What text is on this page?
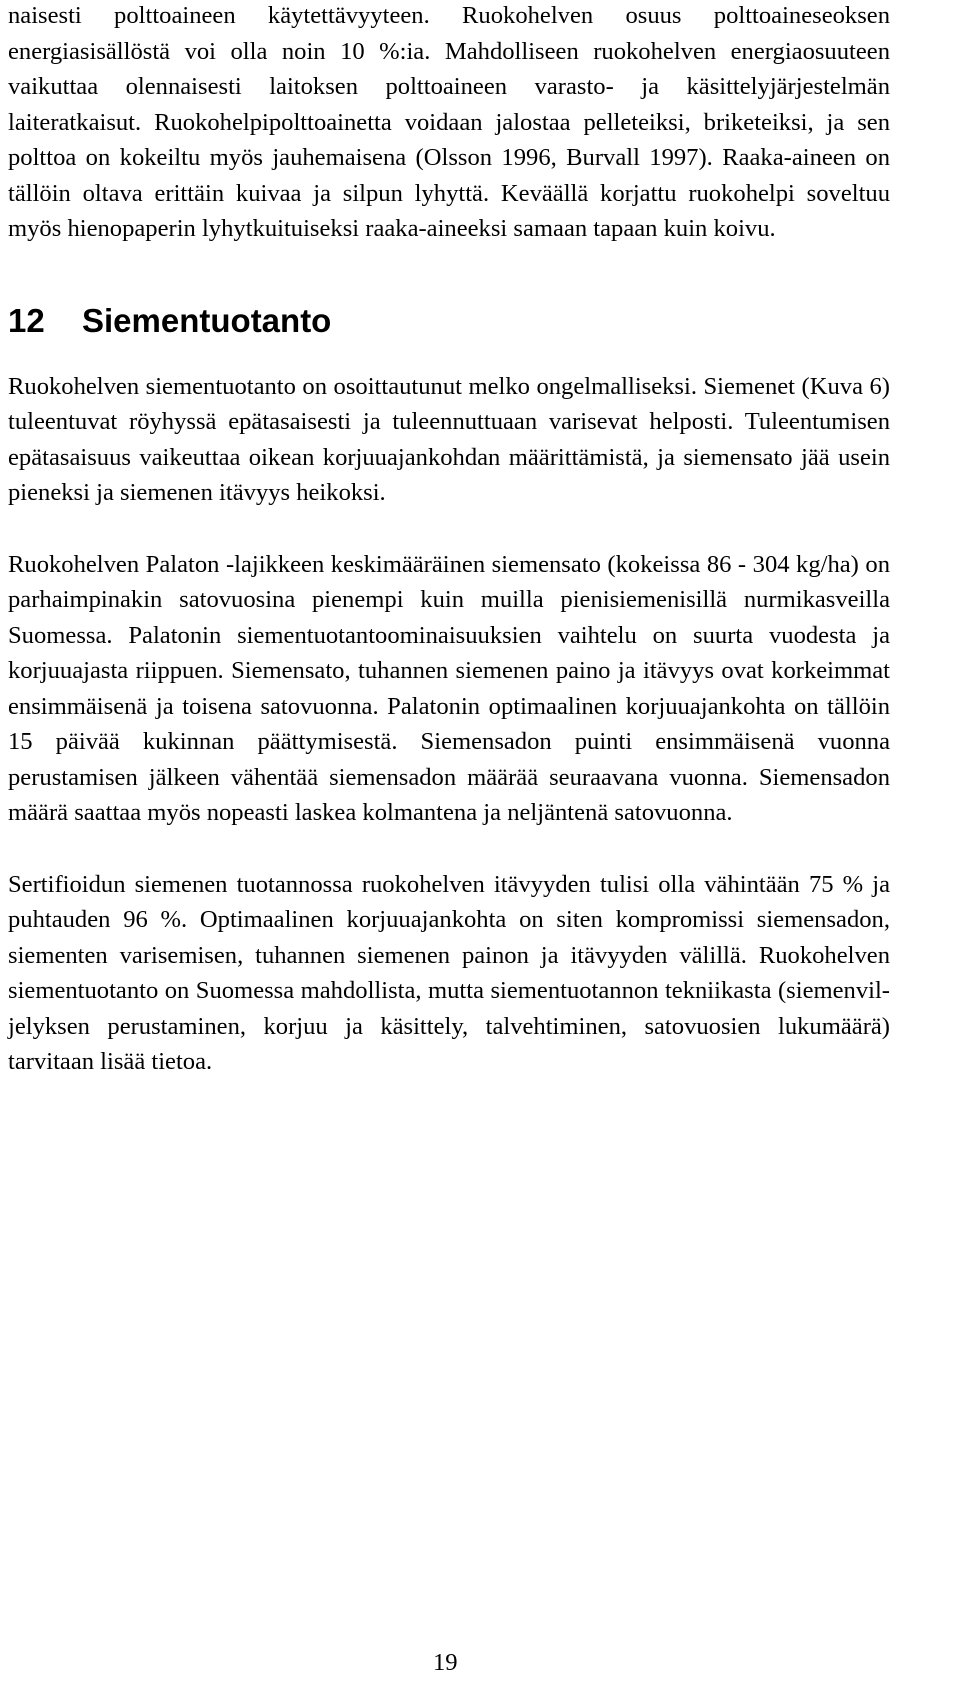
naisesti polttoaineen käytettävyyteen. Ruokohelven osuus polttoaineseoksen energiasisällöstä voi olla noin 10 %:ia. Mahdolliseen ruokohelven energiaosuuteen vaikuttaa olennaisesti laitoksen polttoaineen varasto- ja käsittelyjärjestelmän laiteratkaisut. Ruokohelpipolttoainetta voidaan jalostaa pelleteiksi, briketeiksi, ja sen polttoa on kokeiltu myös jauhemaisena (Olsson 1996, Burvall 1997). Raaka-aineen on tällöin oltava erittäin kuivaa ja silpun lyhyttä. Keväällä korjattu ruokohelpi soveltuu myös hienopaperin lyhytkuituiseksi raaka-aineeksi samaan tapaan kuin koivu.

12 Siementuotanto

Ruokohelven siementuotanto on osoittautunut melko ongelmalliseksi. Siemenet (Kuva 6) tuleentuvat röyhyssä epätasaisesti ja tuleennuttuaan varisevat helposti. Tuleentumisen epätasaisuus vaikeuttaa oikean korjuuajankohdan määrittämistä, ja siemensato jää usein pieneksi ja siemenen itävyys heikoksi.

Ruokohelven Palaton -lajikkeen keskimääräinen siemensato (kokeissa 86 - 304 kg/ha) on parhaimpinakin satovuosina pienempi kuin muilla pienisiemenisillä nurmikasveilla Suomessa. Palatonin siementuotantoominaisuuksien vaihtelu on suurta vuodesta ja korjuuajasta riippuen. Siemensato, tuhannen siemenen paino ja itävyys ovat korkeimmat ensimmäisenä ja toisena satovuonna. Palatonin optimaalinen korjuuajankohta on tällöin 15 päivää kukinnan päättymisestä. Siemensadon puinti ensimmäisenä vuonna perustamisen jälkeen vähentää siemensadon määrää seuraavana vuonna. Siemensadon määrä saattaa myös nopeasti laskea kolmantena ja neljäntenä satovuonna.

Sertifioidun siemenen tuotannossa ruokohelven itävyyden tulisi olla vähintään 75 % ja puhtauden 96 %. Optimaalinen korjuuajankohta on siten kompromissi siemensadon, siementen varisemisen, tuhannen siemenen painon ja itävyyden välillä. Ruokohelven siementuotanto on Suomessa mahdollista, mutta siementuotannon tekniikasta (siemenviljelyksen perustaminen, korjuu ja käsittely, talvehtiminen, satovuosien lukumäärä) tarvitaan lisää tietoa.

19
